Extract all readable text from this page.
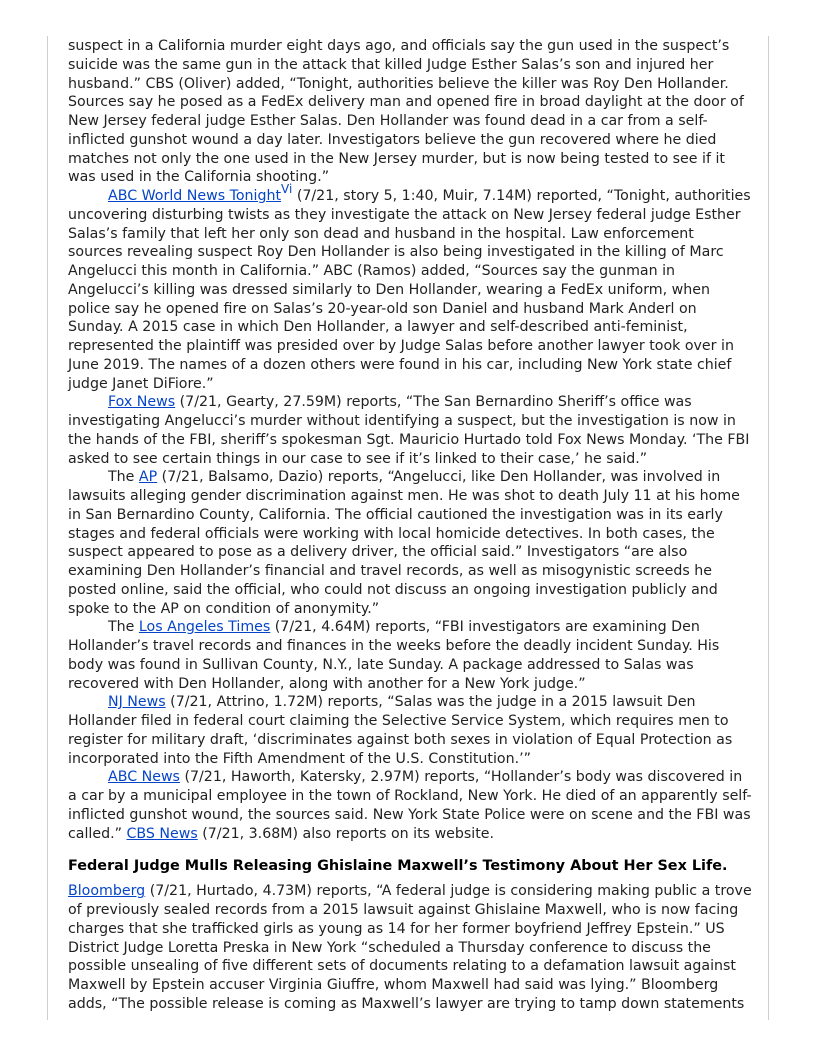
suspect in a California murder eight days ago, and officials say the gun used in the suspect’s suicide was the same gun in the attack that killed Judge Esther Salas’s son and injured her husband.” CBS (Oliver) added, “Tonight, authorities believe the killer was Roy Den Hollander. Sources say he posed as a FedEx delivery man and opened fire in broad daylight at the door of New Jersey federal judge Esther Salas. Den Hollander was found dead in a car from a self-inflicted gunshot wound a day later. Investigators believe the gun recovered where he died matches not only the one used in the New Jersey murder, but is now being tested to see if it was used in the California shooting.”

ABC World News Tonight$^{Vi}$ (7/21, story 5, 1:40, Muir, 7.14M) reported, “Tonight, authorities uncovering disturbing twists as they investigate the attack on New Jersey federal judge Esther Salas’s family that left her only son dead and husband in the hospital. Law enforcement sources revealing suspect Roy Den Hollander is also being investigated in the killing of Marc Angelucci this month in California.” ABC (Ramos) added, “Sources say the gunman in Angelucci’s killing was dressed similarly to Den Hollander, wearing a FedEx uniform, when police say he opened fire on Salas’s 20-year-old son Daniel and husband Mark Anderl on Sunday. A 2015 case in which Den Hollander, a lawyer and self-described anti-feminist, represented the plaintiff was presided over by Judge Salas before another lawyer took over in June 2019. The names of a dozen others were found in his car, including New York state chief judge Janet DiFiore.”

Fox News (7/21, Gearty, 27.59M) reports, “The San Bernardino Sheriff’s office was investigating Angelucci’s murder without identifying a suspect, but the investigation is now in the hands of the FBI, sheriff’s spokesman Sgt. Mauricio Hurtado told Fox News Monday. ‘The FBI asked to see certain things in our case to see if it’s linked to their case,’ he said.”

The AP (7/21, Balsamo, Dazio) reports, “Angelucci, like Den Hollander, was involved in lawsuits alleging gender discrimination against men. He was shot to death July 11 at his home in San Bernardino County, California. The official cautioned the investigation was in its early stages and federal officials were working with local homicide detectives. In both cases, the suspect appeared to pose as a delivery driver, the official said.” Investigators “are also examining Den Hollander’s financial and travel records, as well as misogynistic screeds he posted online, said the official, who could not discuss an ongoing investigation publicly and spoke to the AP on condition of anonymity.”

The Los Angeles Times (7/21, 4.64M) reports, “FBI investigators are examining Den Hollander’s travel records and finances in the weeks before the deadly incident Sunday. His body was found in Sullivan County, N.Y., late Sunday. A package addressed to Salas was recovered with Den Hollander, along with another for a New York judge.”

NJ News (7/21, Attrino, 1.72M) reports, “Salas was the judge in a 2015 lawsuit Den Hollander filed in federal court claiming the Selective Service System, which requires men to register for military draft, ‘discriminates against both sexes in violation of Equal Protection as incorporated into the Fifth Amendment of the U.S. Constitution.’”

ABC News (7/21, Haworth, Katersky, 2.97M) reports, “Hollander’s body was discovered in a car by a municipal employee in the town of Rockland, New York. He died of an apparently self-inflicted gunshot wound, the sources said. New York State Police were on scene and the FBI was called.” CBS News (7/21, 3.68M) also reports on its website.

Federal Judge Mulls Releasing Ghislaine Maxwell’s Testimony About Her Sex Life.

Bloomberg (7/21, Hurtado, 4.73M) reports, “A federal judge is considering making public a trove of previously sealed records from a 2015 lawsuit against Ghislaine Maxwell, who is now facing charges that she trafficked girls as young as 14 for her former boyfriend Jeffrey Epstein.” US District Judge Loretta Preska in New York “scheduled a Thursday conference to discuss the possible unsealing of five different sets of documents relating to a defamation lawsuit against Maxwell by Epstein accuser Virginia Giuffre, whom Maxwell had said was lying.” Bloomberg adds, “The possible release is coming as Maxwell’s lawyer are trying to tamp down statements
